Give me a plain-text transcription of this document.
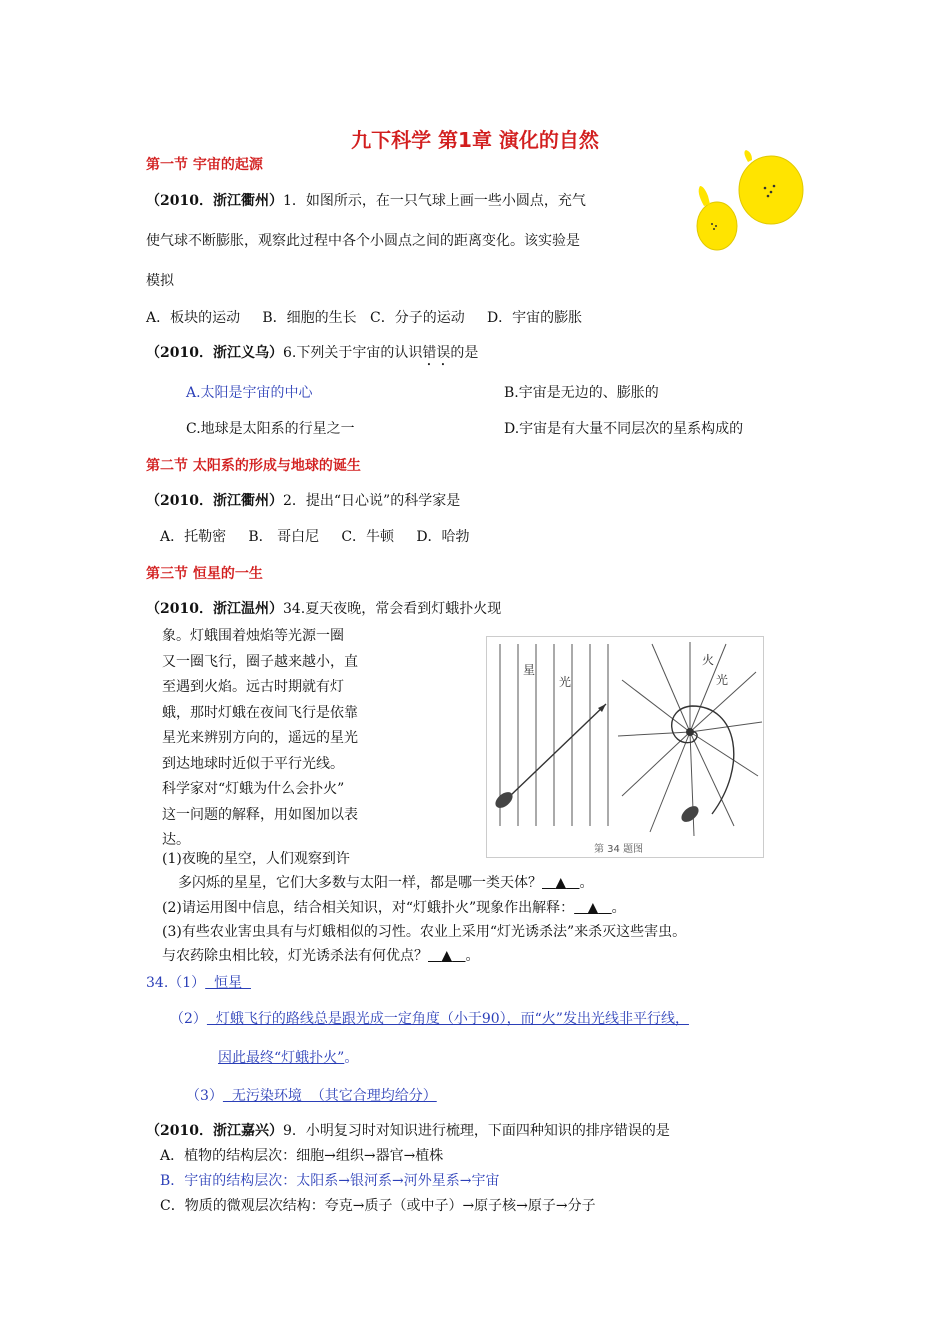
九下科学 第1章 演化的自然
第一节 宇宙的起源
（2010．浙江衢州）1．如图所示，在一只气球上画一些小圆点，充气
使气球不断膨胀，观察此过程中各个小圆点之间的距离变化。该实验是
模拟
A．板块的运动     B．细胞的生长   C．分子的运动     D．宇宙的膨胀
（2010．浙江义乌）6.下列关于宇宙的认识错误的是
A.太阳是宇宙的中心	B.宇宙是无边的、膨胀的
C.地球是太阳系的行星之一	D.宇宙是有大量不同层次的星系构成的
第二节 太阳系的形成与地球的诞生
（2010．浙江衢州）2．提出“日心说”的科学家是
A．托勒密     B． 哥白尼     C．牛顿     D．哈勃
第三节 恒星的一生
（2010．浙江温州）34.夏天夜晚，常会看到灯蛾扑火现
象。灯蛾围着烛焰等光源一圈
又一圈飞行，圈子越来越小，直
至遇到火焰。远古时期就有灯
蛾，那时灯蛾在夜间飞行是依靠
星光来辨别方向的，遥远的星光
到达地球时近似于平行光线。
科学家对“灯蛾为什么会扑火”
这一问题的解释，用如图加以表
达。
星
光
火
光
第 34 题图
(1)夜晚的星空，人们观察到许
多闪烁的星星，它们大多数与太阳一样，都是哪一类天体？ ▲ 。
(2)请运用图中信息，结合相关知识，对“灯蛾扑火”现象作出解释： ▲ 。
(3)有些农业害虫具有与灯蛾相似的习性。农业上采用“灯光诱杀法”来杀灭这些害虫。
与农药除虫相比较，灯光诱杀法有何优点？ ▲ 。
34.（1）  恒星
（2）  灯蛾飞行的路线总是跟光成一定角度（小于90），而“火”发出光线非平行线，
因此最终“灯蛾扑火”。
（3）  无污染环境  （其它合理均给分）
（2010．浙江嘉兴）9．小明复习时对知识进行梳理，下面四种知识的排序错误的是
A．植物的结构层次：细胞→组织→器官→植株
B．宇宙的结构层次：太阳系→银河系→河外星系→宇宙
C．物质的微观层次结构：夸克→质子（或中子）→原子核→原子→分子
